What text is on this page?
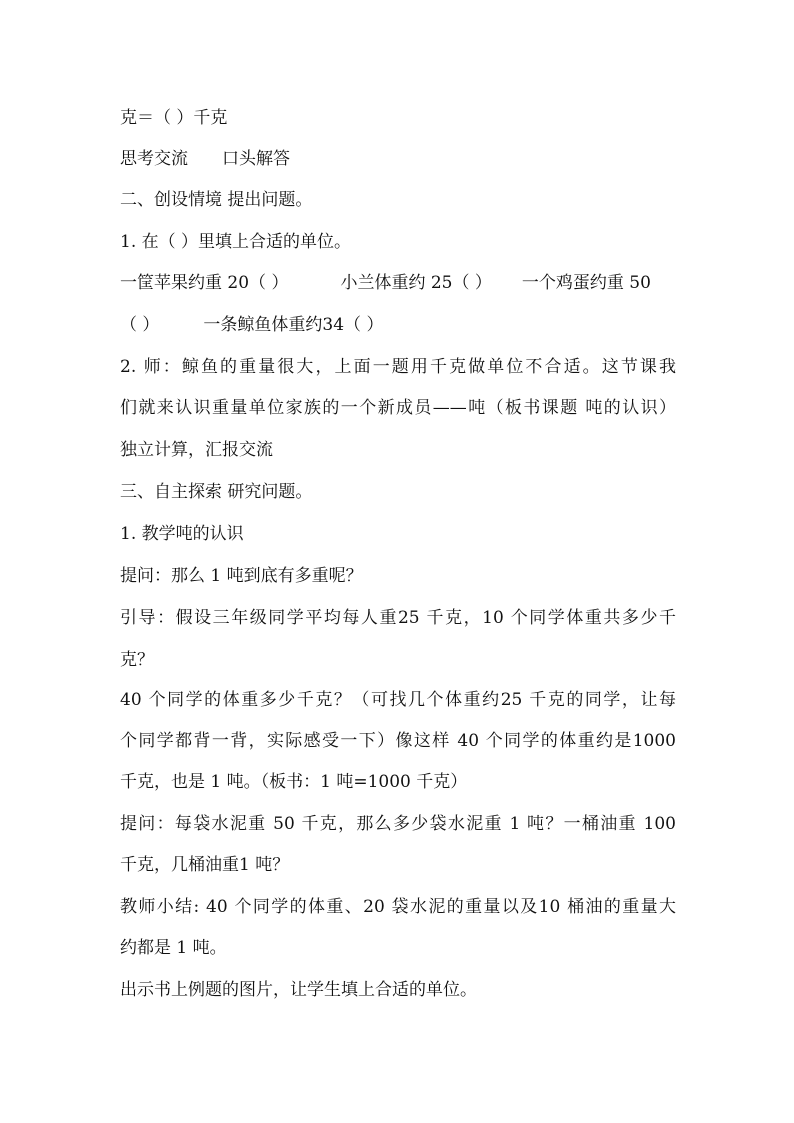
克＝（ ）千克
思考交流 口头解答
二、创设情境 提出问题。
1. 在（ ）里填上合适的单位。
一筐苹果约重 20（ ）	小兰体重约 25（ ） 一个鸡蛋约重 50
（ ）	一条鲸鱼体重约34（ ）
2. 师：鲸鱼的重量很大，上面一题用千克做单位不合适。这节课我
们就来认识重量单位家族的一个新成员——吨（板书课题 吨的认识）
独立计算，汇报交流
三、自主探索 研究问题。
1. 教学吨的认识
提问：那么 1 吨到底有多重呢？
引导：假设三年级同学平均每人重25 千克，10 个同学体重共多少千
克？
40 个同学的体重多少千克？（可找几个体重约25 千克的同学，让每
个同学都背一背，实际感受一下）像这样 40 个同学的体重约是1000
千克，也是 1 吨。（板书：1 吨=1000 千克）
提问：每袋水泥重 50 千克，那么多少袋水泥重 1 吨？一桶油重 100
千克，几桶油重1 吨？
教师小结: 40 个同学的体重、20 袋水泥的重量以及10 桶油的重量大
约都是 1 吨。
出示书上例题的图片，让学生填上合适的单位。
